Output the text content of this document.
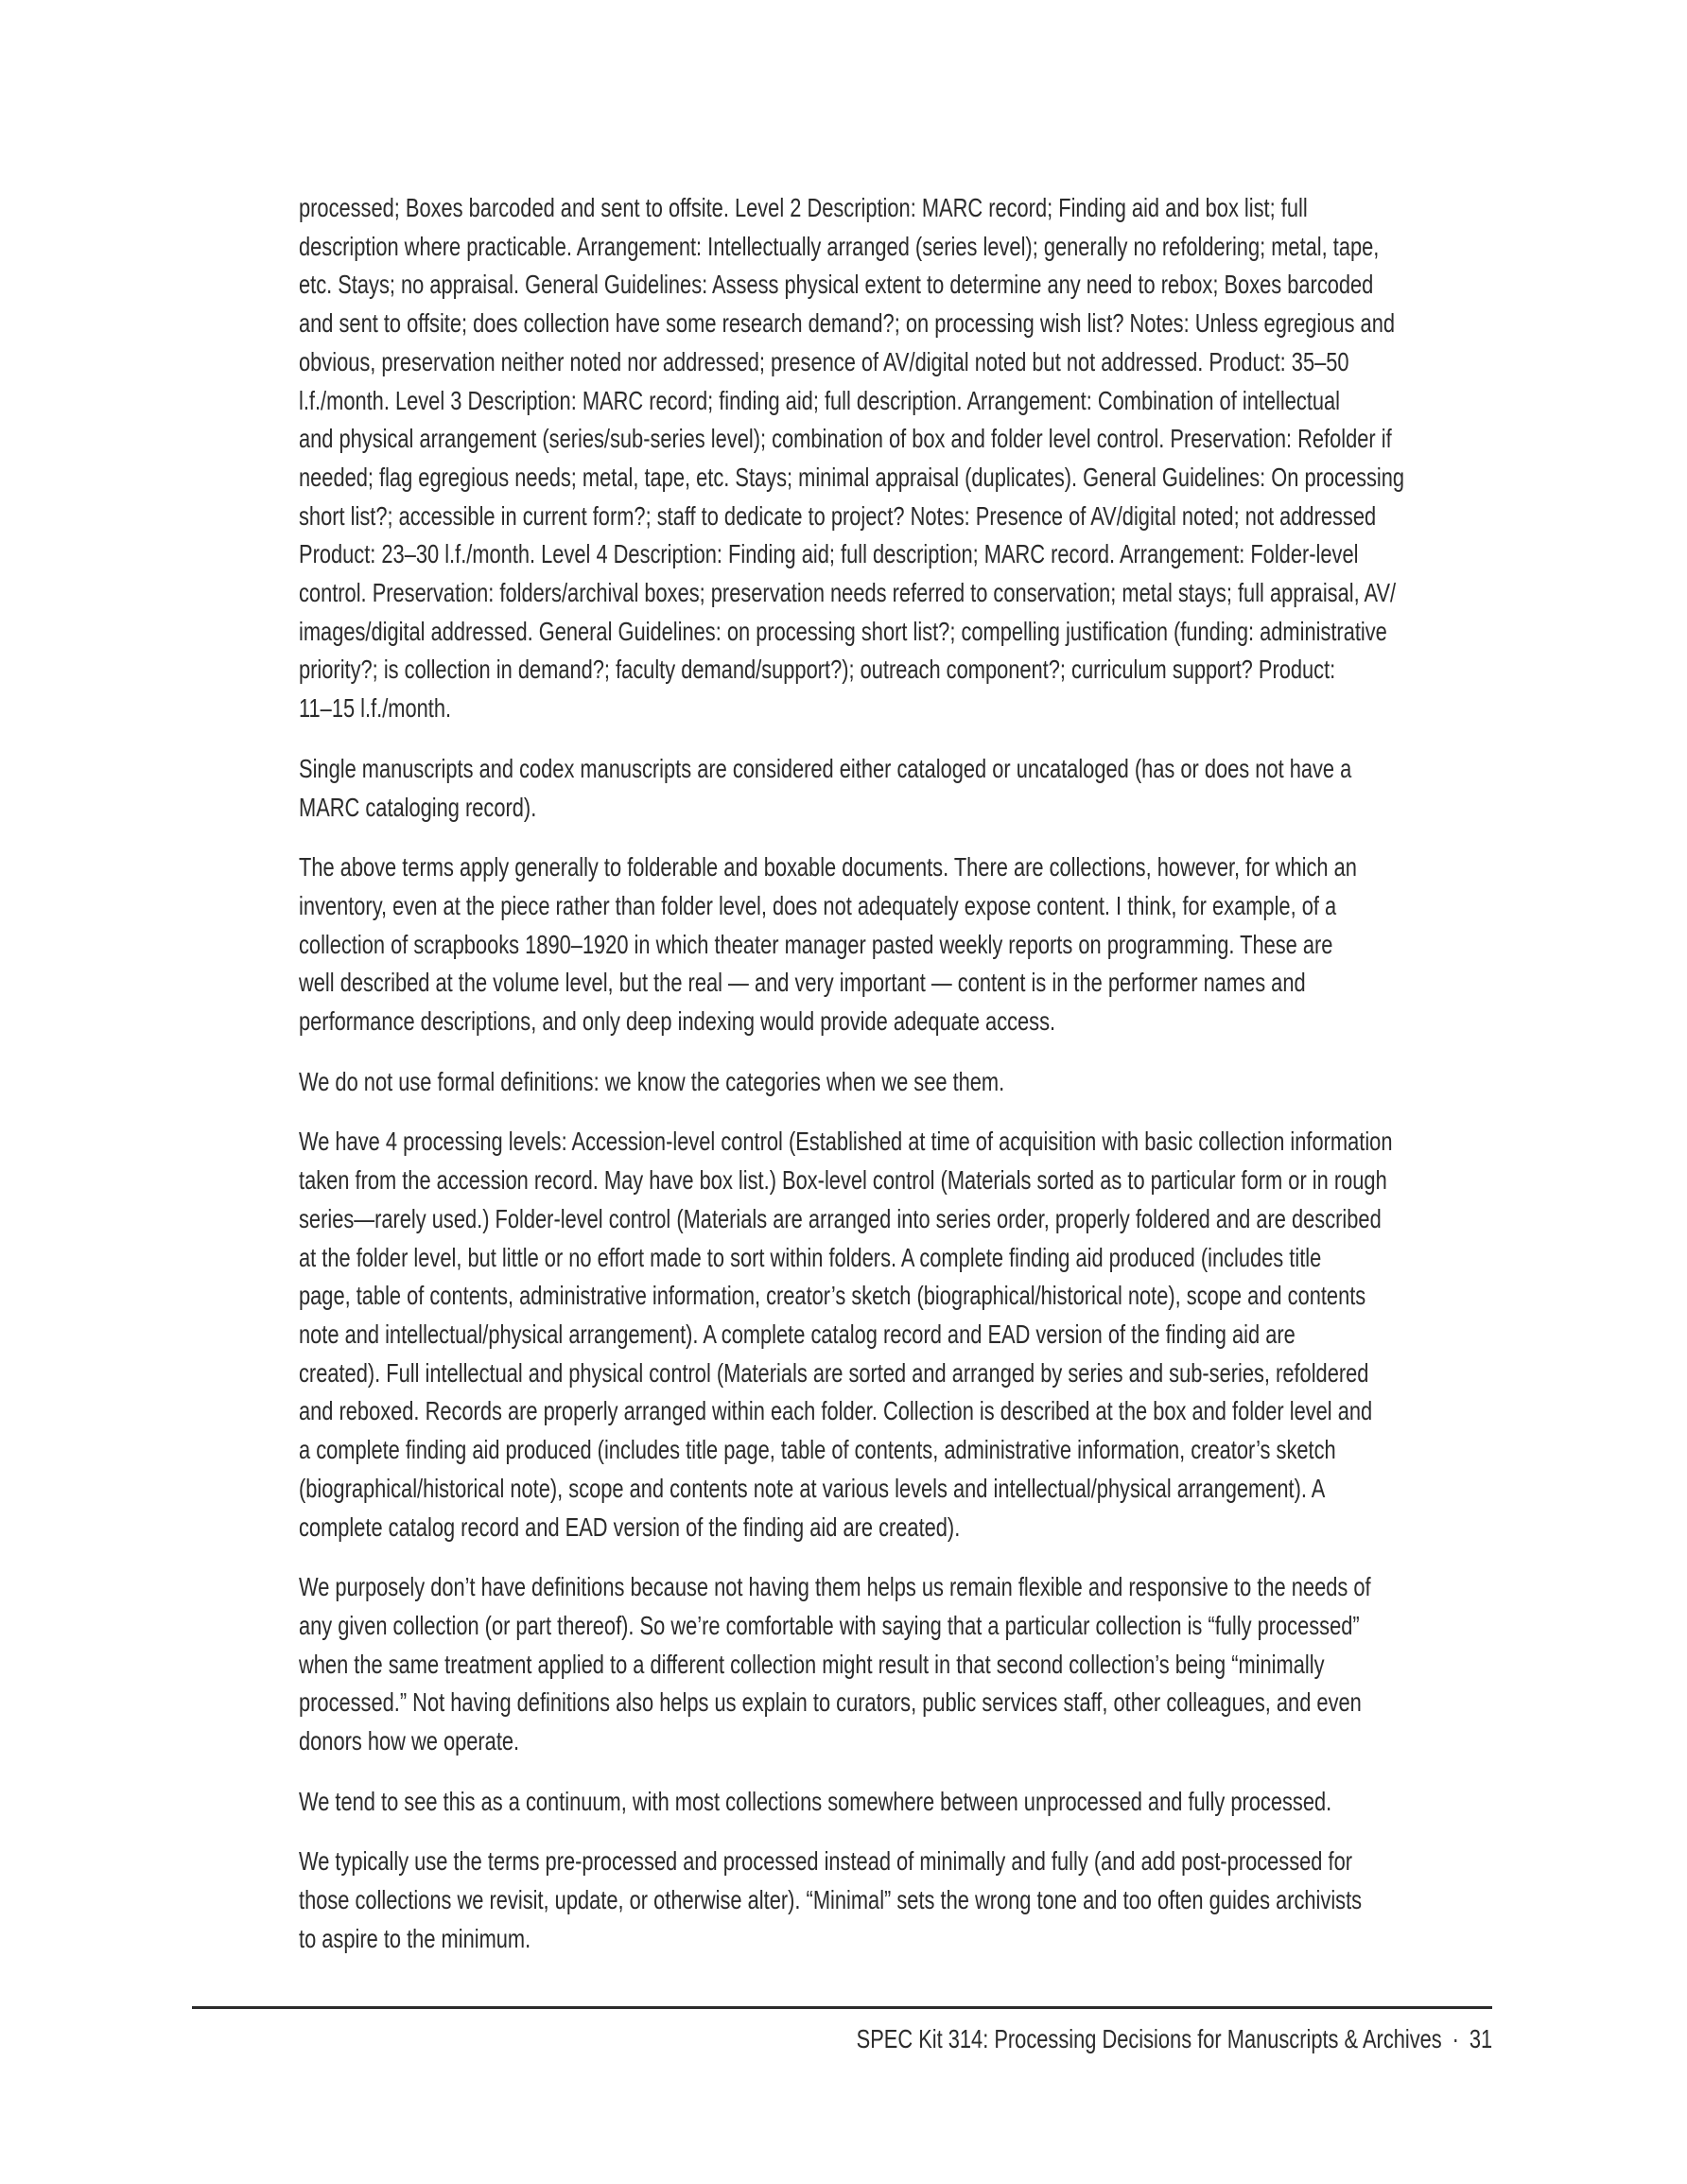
processed; Boxes barcoded and sent to offsite. Level 2 Description: MARC record; Finding aid and box list; full
description where practicable. Arrangement: Intellectually arranged (series level); generally no refoldering; metal, tape,
etc. Stays; no appraisal. General Guidelines: Assess physical extent to determine any need to rebox; Boxes barcoded
and sent to offsite; does collection have some research demand?; on processing wish list? Notes: Unless egregious and
obvious, preservation neither noted nor addressed; presence of AV/digital noted but not addressed. Product: 35–50
l.f./month. Level 3 Description: MARC record; finding aid; full description. Arrangement: Combination of intellectual
and physical arrangement (series/sub-series level); combination of box and folder level control. Preservation: Refolder if
needed; flag egregious needs; metal, tape, etc. Stays; minimal appraisal (duplicates). General Guidelines: On processing
short list?; accessible in current form?; staff to dedicate to project? Notes: Presence of AV/digital noted; not addressed
Product: 23–30 l.f./month. Level 4 Description: Finding aid; full description; MARC record. Arrangement: Folder-level
control. Preservation: folders/archival boxes; preservation needs referred to conservation; metal stays; full appraisal, AV/
images/digital addressed. General Guidelines: on processing short list?; compelling justification (funding: administrative
priority?; is collection in demand?; faculty demand/support?); outreach component?; curriculum support? Product:
11–15 l.f./month.
Single manuscripts and codex manuscripts are considered either cataloged or uncataloged (has or does not have a
MARC cataloging record).
The above terms apply generally to folderable and boxable documents. There are collections, however, for which an
inventory, even at the piece rather than folder level, does not adequately expose content. I think, for example, of a
collection of scrapbooks 1890–1920 in which theater manager pasted weekly reports on programming. These are
well described at the volume level, but the real — and very important — content is in the performer names and
performance descriptions, and only deep indexing would provide adequate access.
We do not use formal definitions: we know the categories when we see them.
We have 4 processing levels: Accession-level control (Established at time of acquisition with basic collection information
taken from the accession record. May have box list.) Box-level control (Materials sorted as to particular form or in rough
series—rarely used.) Folder-level control (Materials are arranged into series order, properly foldered and are described
at the folder level, but little or no effort made to sort within folders. A complete finding aid produced (includes title
page, table of contents, administrative information, creator’s sketch (biographical/historical note), scope and contents
note and intellectual/physical arrangement). A complete catalog record and EAD version of the finding aid are
created). Full intellectual and physical control (Materials are sorted and arranged by series and sub-series, refoldered
and reboxed. Records are properly arranged within each folder. Collection is described at the box and folder level and
a complete finding aid produced (includes title page, table of contents, administrative information, creator’s sketch
(biographical/historical note), scope and contents note at various levels and intellectual/physical arrangement). A
complete catalog record and EAD version of the finding aid are created).
We purposely don’t have definitions because not having them helps us remain flexible and responsive to the needs of
any given collection (or part thereof). So we’re comfortable with saying that a particular collection is “fully processed”
when the same treatment applied to a different collection might result in that second collection’s being “minimally
processed.” Not having definitions also helps us explain to curators, public services staff, other colleagues, and even
donors how we operate.
We tend to see this as a continuum, with most collections somewhere between unprocessed and fully processed.
We typically use the terms pre-processed and processed instead of minimally and fully (and add post-processed for
those collections we revisit, update, or otherwise alter). “Minimal” sets the wrong tone and too often guides archivists
to aspire to the minimum.
SPEC Kit 314: Processing Decisions for Manuscripts & Archives · 31
